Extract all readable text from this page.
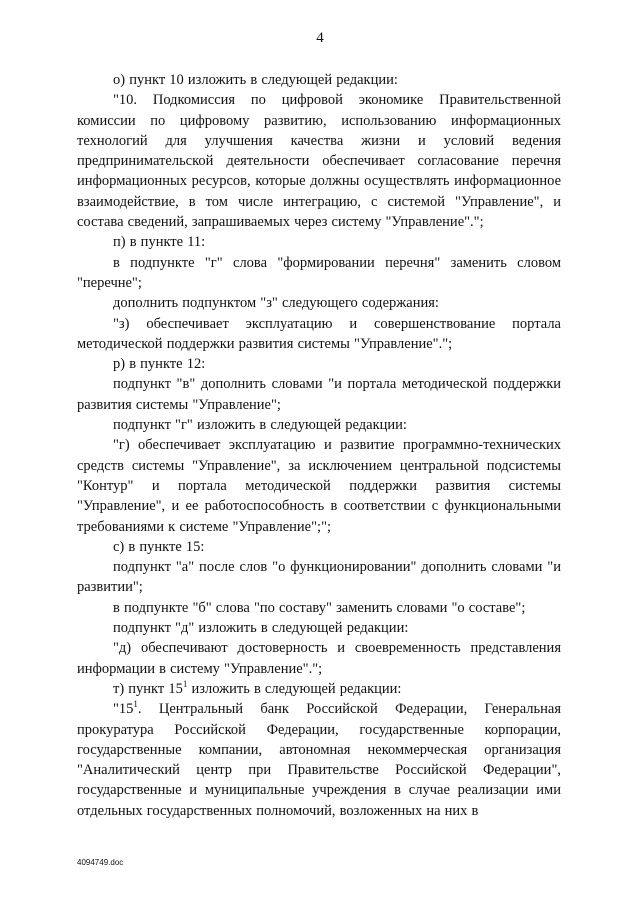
4

о) пункт 10 изложить в следующей редакции:

"10. Подкомиссия по цифровой экономике Правительственной комиссии по цифровому развитию, использованию информационных технологий для улучшения качества жизни и условий ведения предпринимательской деятельности обеспечивает согласование перечня информационных ресурсов, которые должны осуществлять информационное взаимодействие, в том числе интеграцию, с системой "Управление", и состава сведений, запрашиваемых через систему "Управление".";

п) в пункте 11:

в подпункте "г" слова "формировании перечня" заменить словом "перечне";

дополнить подпунктом "з" следующего содержания:

"з) обеспечивает эксплуатацию и совершенствование портала методической поддержки развития системы "Управление".";

р) в пункте 12:

подпункт "в" дополнить словами "и портала методической поддержки развития системы "Управление";

подпункт "г" изложить в следующей редакции:

"г) обеспечивает эксплуатацию и развитие программно-технических средств системы "Управление", за исключением центральной подсистемы "Контур" и портала методической поддержки развития системы "Управление", и ее работоспособность в соответствии с функциональными требованиями к системе "Управление";";

с) в пункте 15:

подпункт "а" после слов "о функционировании" дополнить словами "и развитии";

в подпункте "б" слова "по составу" заменить словами "о составе";

подпункт "д" изложить в следующей редакции:

"д) обеспечивают достоверность и своевременность представления информации в систему "Управление".";

т) пункт $15^1$ изложить в следующей редакции:

"$15^1$. Центральный банк Российской Федерации, Генеральная прокуратура Российской Федерации, государственные корпорации, государственные компании, автономная некоммерческая организация "Аналитический центр при Правительстве Российской Федерации", государственные и муниципальные учреждения в случае реализации ими отдельных государственных полномочий, возложенных на них в

4094749.doc
